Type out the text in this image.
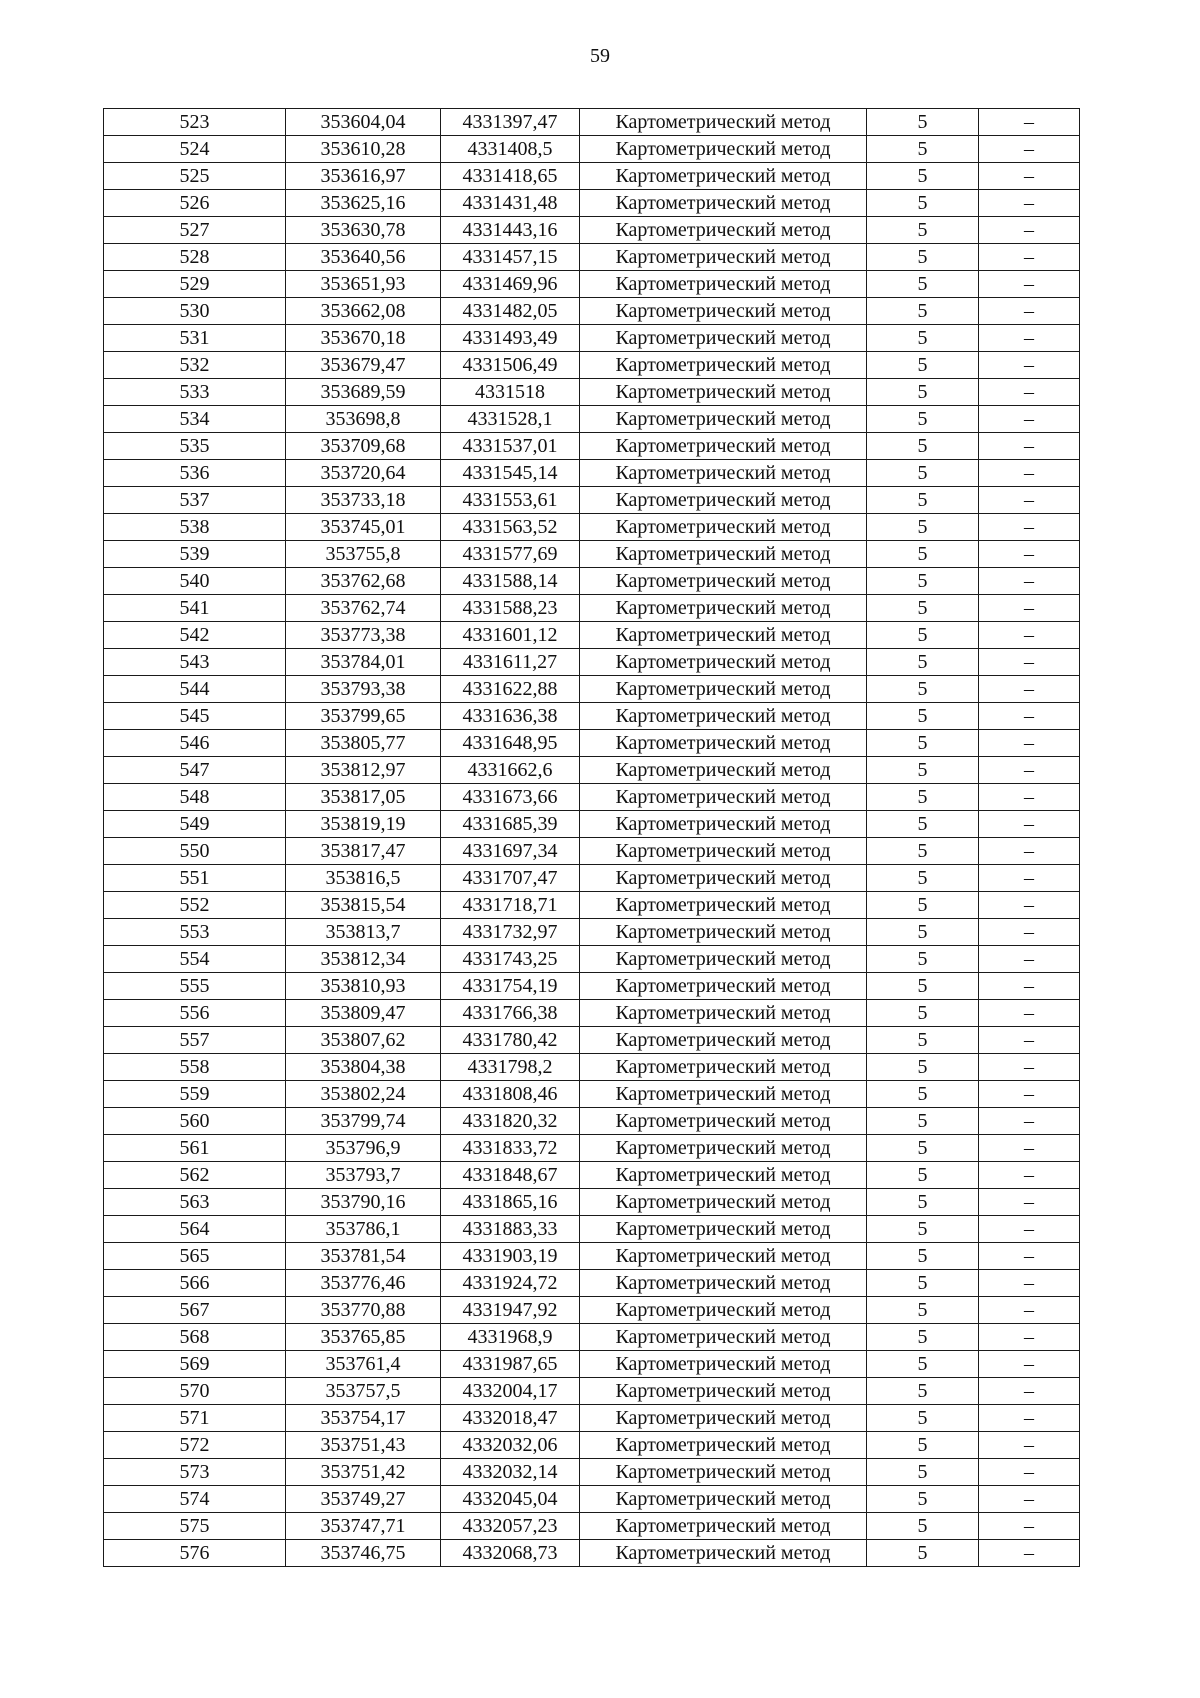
59
523	353604,04	4331397,47	Картометрический метод	5	–
524	353610,28	4331408,5	Картометрический метод	5	–
525	353616,97	4331418,65	Картометрический метод	5	–
526	353625,16	4331431,48	Картометрический метод	5	–
527	353630,78	4331443,16	Картометрический метод	5	–
528	353640,56	4331457,15	Картометрический метод	5	–
529	353651,93	4331469,96	Картометрический метод	5	–
530	353662,08	4331482,05	Картометрический метод	5	–
531	353670,18	4331493,49	Картометрический метод	5	–
532	353679,47	4331506,49	Картометрический метод	5	–
533	353689,59	4331518	Картометрический метод	5	–
534	353698,8	4331528,1	Картометрический метод	5	–
535	353709,68	4331537,01	Картометрический метод	5	–
536	353720,64	4331545,14	Картометрический метод	5	–
537	353733,18	4331553,61	Картометрический метод	5	–
538	353745,01	4331563,52	Картометрический метод	5	–
539	353755,8	4331577,69	Картометрический метод	5	–
540	353762,68	4331588,14	Картометрический метод	5	–
541	353762,74	4331588,23	Картометрический метод	5	–
542	353773,38	4331601,12	Картометрический метод	5	–
543	353784,01	4331611,27	Картометрический метод	5	–
544	353793,38	4331622,88	Картометрический метод	5	–
545	353799,65	4331636,38	Картометрический метод	5	–
546	353805,77	4331648,95	Картометрический метод	5	–
547	353812,97	4331662,6	Картометрический метод	5	–
548	353817,05	4331673,66	Картометрический метод	5	–
549	353819,19	4331685,39	Картометрический метод	5	–
550	353817,47	4331697,34	Картометрический метод	5	–
551	353816,5	4331707,47	Картометрический метод	5	–
552	353815,54	4331718,71	Картометрический метод	5	–
553	353813,7	4331732,97	Картометрический метод	5	–
554	353812,34	4331743,25	Картометрический метод	5	–
555	353810,93	4331754,19	Картометрический метод	5	–
556	353809,47	4331766,38	Картометрический метод	5	–
557	353807,62	4331780,42	Картометрический метод	5	–
558	353804,38	4331798,2	Картометрический метод	5	–
559	353802,24	4331808,46	Картометрический метод	5	–
560	353799,74	4331820,32	Картометрический метод	5	–
561	353796,9	4331833,72	Картометрический метод	5	–
562	353793,7	4331848,67	Картометрический метод	5	–
563	353790,16	4331865,16	Картометрический метод	5	–
564	353786,1	4331883,33	Картометрический метод	5	–
565	353781,54	4331903,19	Картометрический метод	5	–
566	353776,46	4331924,72	Картометрический метод	5	–
567	353770,88	4331947,92	Картометрический метод	5	–
568	353765,85	4331968,9	Картометрический метод	5	–
569	353761,4	4331987,65	Картометрический метод	5	–
570	353757,5	4332004,17	Картометрический метод	5	–
571	353754,17	4332018,47	Картометрический метод	5	–
572	353751,43	4332032,06	Картометрический метод	5	–
573	353751,42	4332032,14	Картометрический метод	5	–
574	353749,27	4332045,04	Картометрический метод	5	–
575	353747,71	4332057,23	Картометрический метод	5	–
576	353746,75	4332068,73	Картометрический метод	5	–
